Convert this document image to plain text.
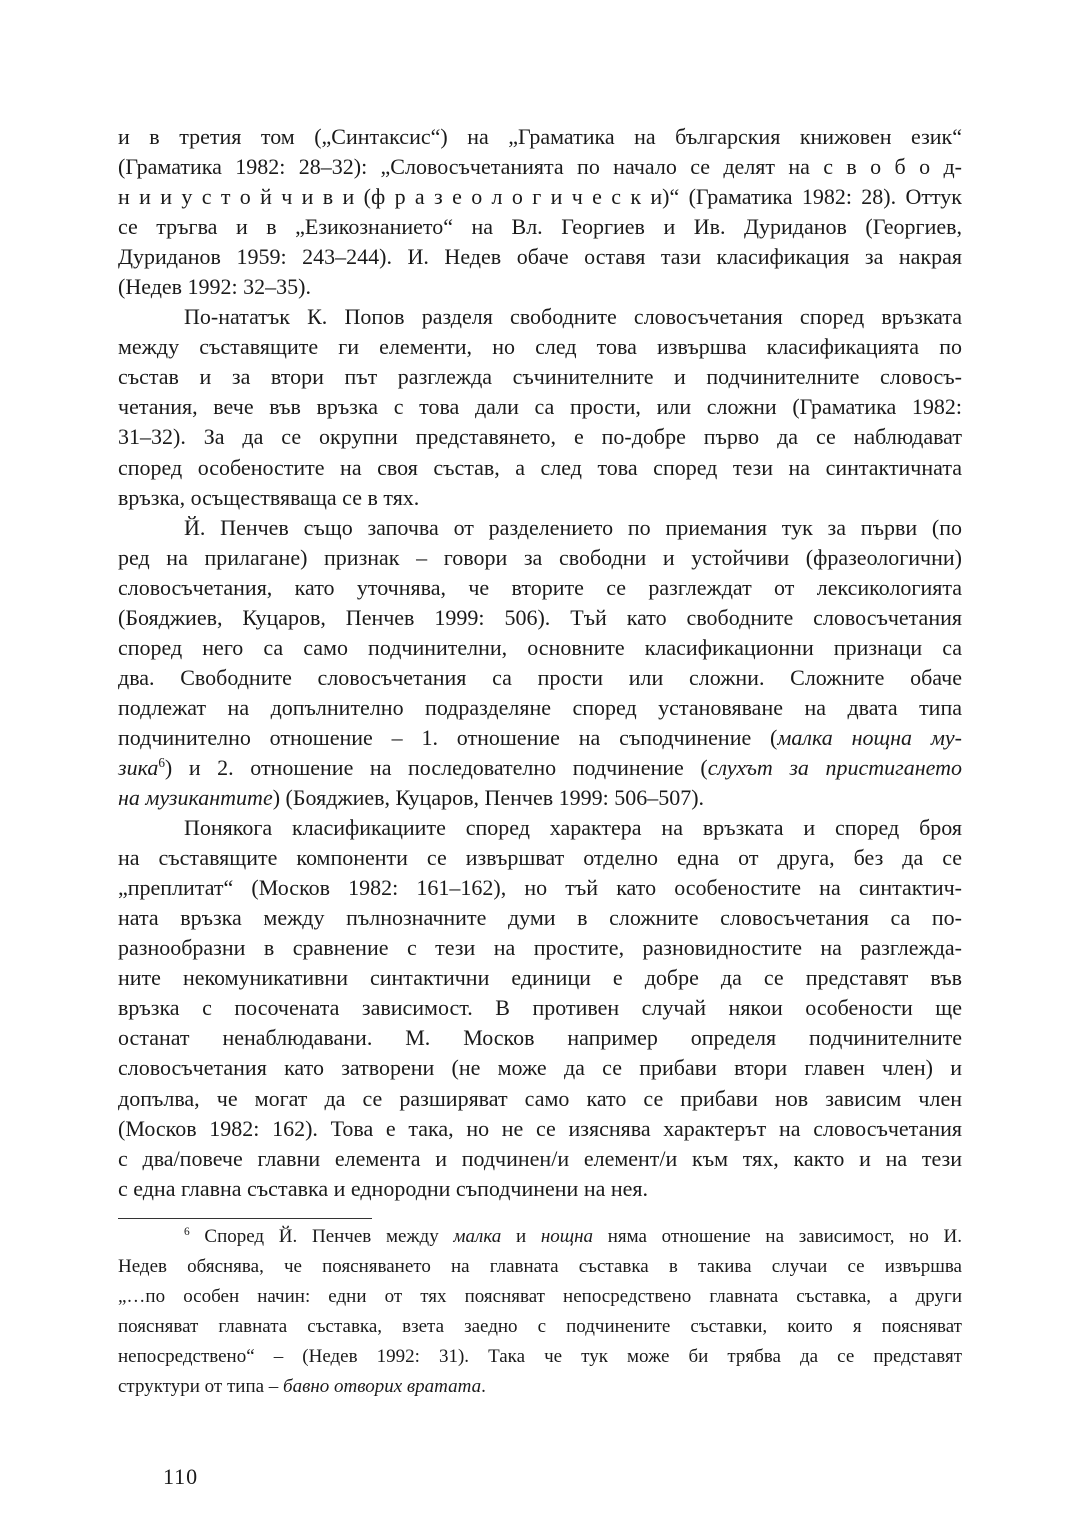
и в третия том („Синтаксис“) на „Граматика на българския книжовен език“
(Граматика 1982: 28–32): „Словосъчетанията по начало се делят на с в о б о д-
н и и у с т о й ч и в и (ф р а з е о л о г и ч е с к и)“ (Граматика 1982: 28). Оттук
се тръгва и в „Езикознанието“ на Вл. Георгиев и Ив. Дуриданов (Георгиев,
Дуриданов 1959: 243–244). И. Недев обаче оставя тази класификация за накрая
(Недев 1992: 32–35).
По-нататък К. Попов разделя свободните словосъчетания според връзката
между съставящите ги елементи, но след това извършва класификацията по
състав и за втори път разглежда съчинителните и подчинителните словосъ-
четания, вече във връзка с това дали са прости, или сложни (Граматика 1982:
31–32). За да се окрупни представянето, е по-добре първо да се наблюдават
според особеностите на своя състав, а след това според тези на синтактичната
връзка, осъществяваща се в тях.
Й. Пенчев също започва от разделението по приемания тук за първи (по
ред на прилагане) признак – говори за свободни и устойчиви (фразеологични)
словосъчетания, като уточнява, че вторите се разглеждат от лексикологията
(Бояджиев, Куцаров, Пенчев 1999: 506). Тъй като свободните словосъчетания
според него са само подчинителни, основните класификационни признаци са
два. Свободните словосъчетания са прости или сложни. Сложните обаче
подлежат на допълнително подразделяне според установяване на двата типа
подчинително отношение – 1. отношение на съподчинение (малка нощна му-
зика$^6$) и 2. отношение на последователно подчинение (слухът за пристигането
на музикантите) (Бояджиев, Куцаров, Пенчев 1999: 506–507).
Понякога класификациите според характера на връзката и според броя
на съставящите компоненти се извършват отделно една от друга, без да се
„преплитат“ (Москов 1982: 161–162), но тъй като особеностите на синтактич-
ната връзка между пълнозначните думи в сложните словосъчетания са по-
разнообразни в сравнение с тези на простите, разновидностите на разглежда-
ните некомуникативни синтактични единици е добре да се представят във
връзка с посочената зависимост. В противен случай някои особености ще
останат ненаблюдавани. М. Москов например определя подчинителните
словосъчетания като затворени (не може да се прибави втори главен член) и
допълва, че могат да се разширяват само като се прибави нов зависим член
(Москов 1982: 162). Това е така, но не се изяснява характерът на словосъчетания
с два/повече главни елемента и подчинен/и елемент/и към тях, както и на тези
с една главна съставка и еднородни съподчинени на нея.
$^6$ Според Й. Пенчев между малка и нощна няма отношение на зависимост, но И.
Недев обяснява, че поясняването на главната съставка в такива случаи се извършва
„…по особен начин: едни от тях поясняват непосредствено главната съставка, а други
поясняват главната съставка, взета заедно с подчинените съставки, които я поясняват
непосредствено“ – (Недев 1992: 31). Така че тук може би трябва да се представят
структури от типа – бавно отворих вратата.
110
